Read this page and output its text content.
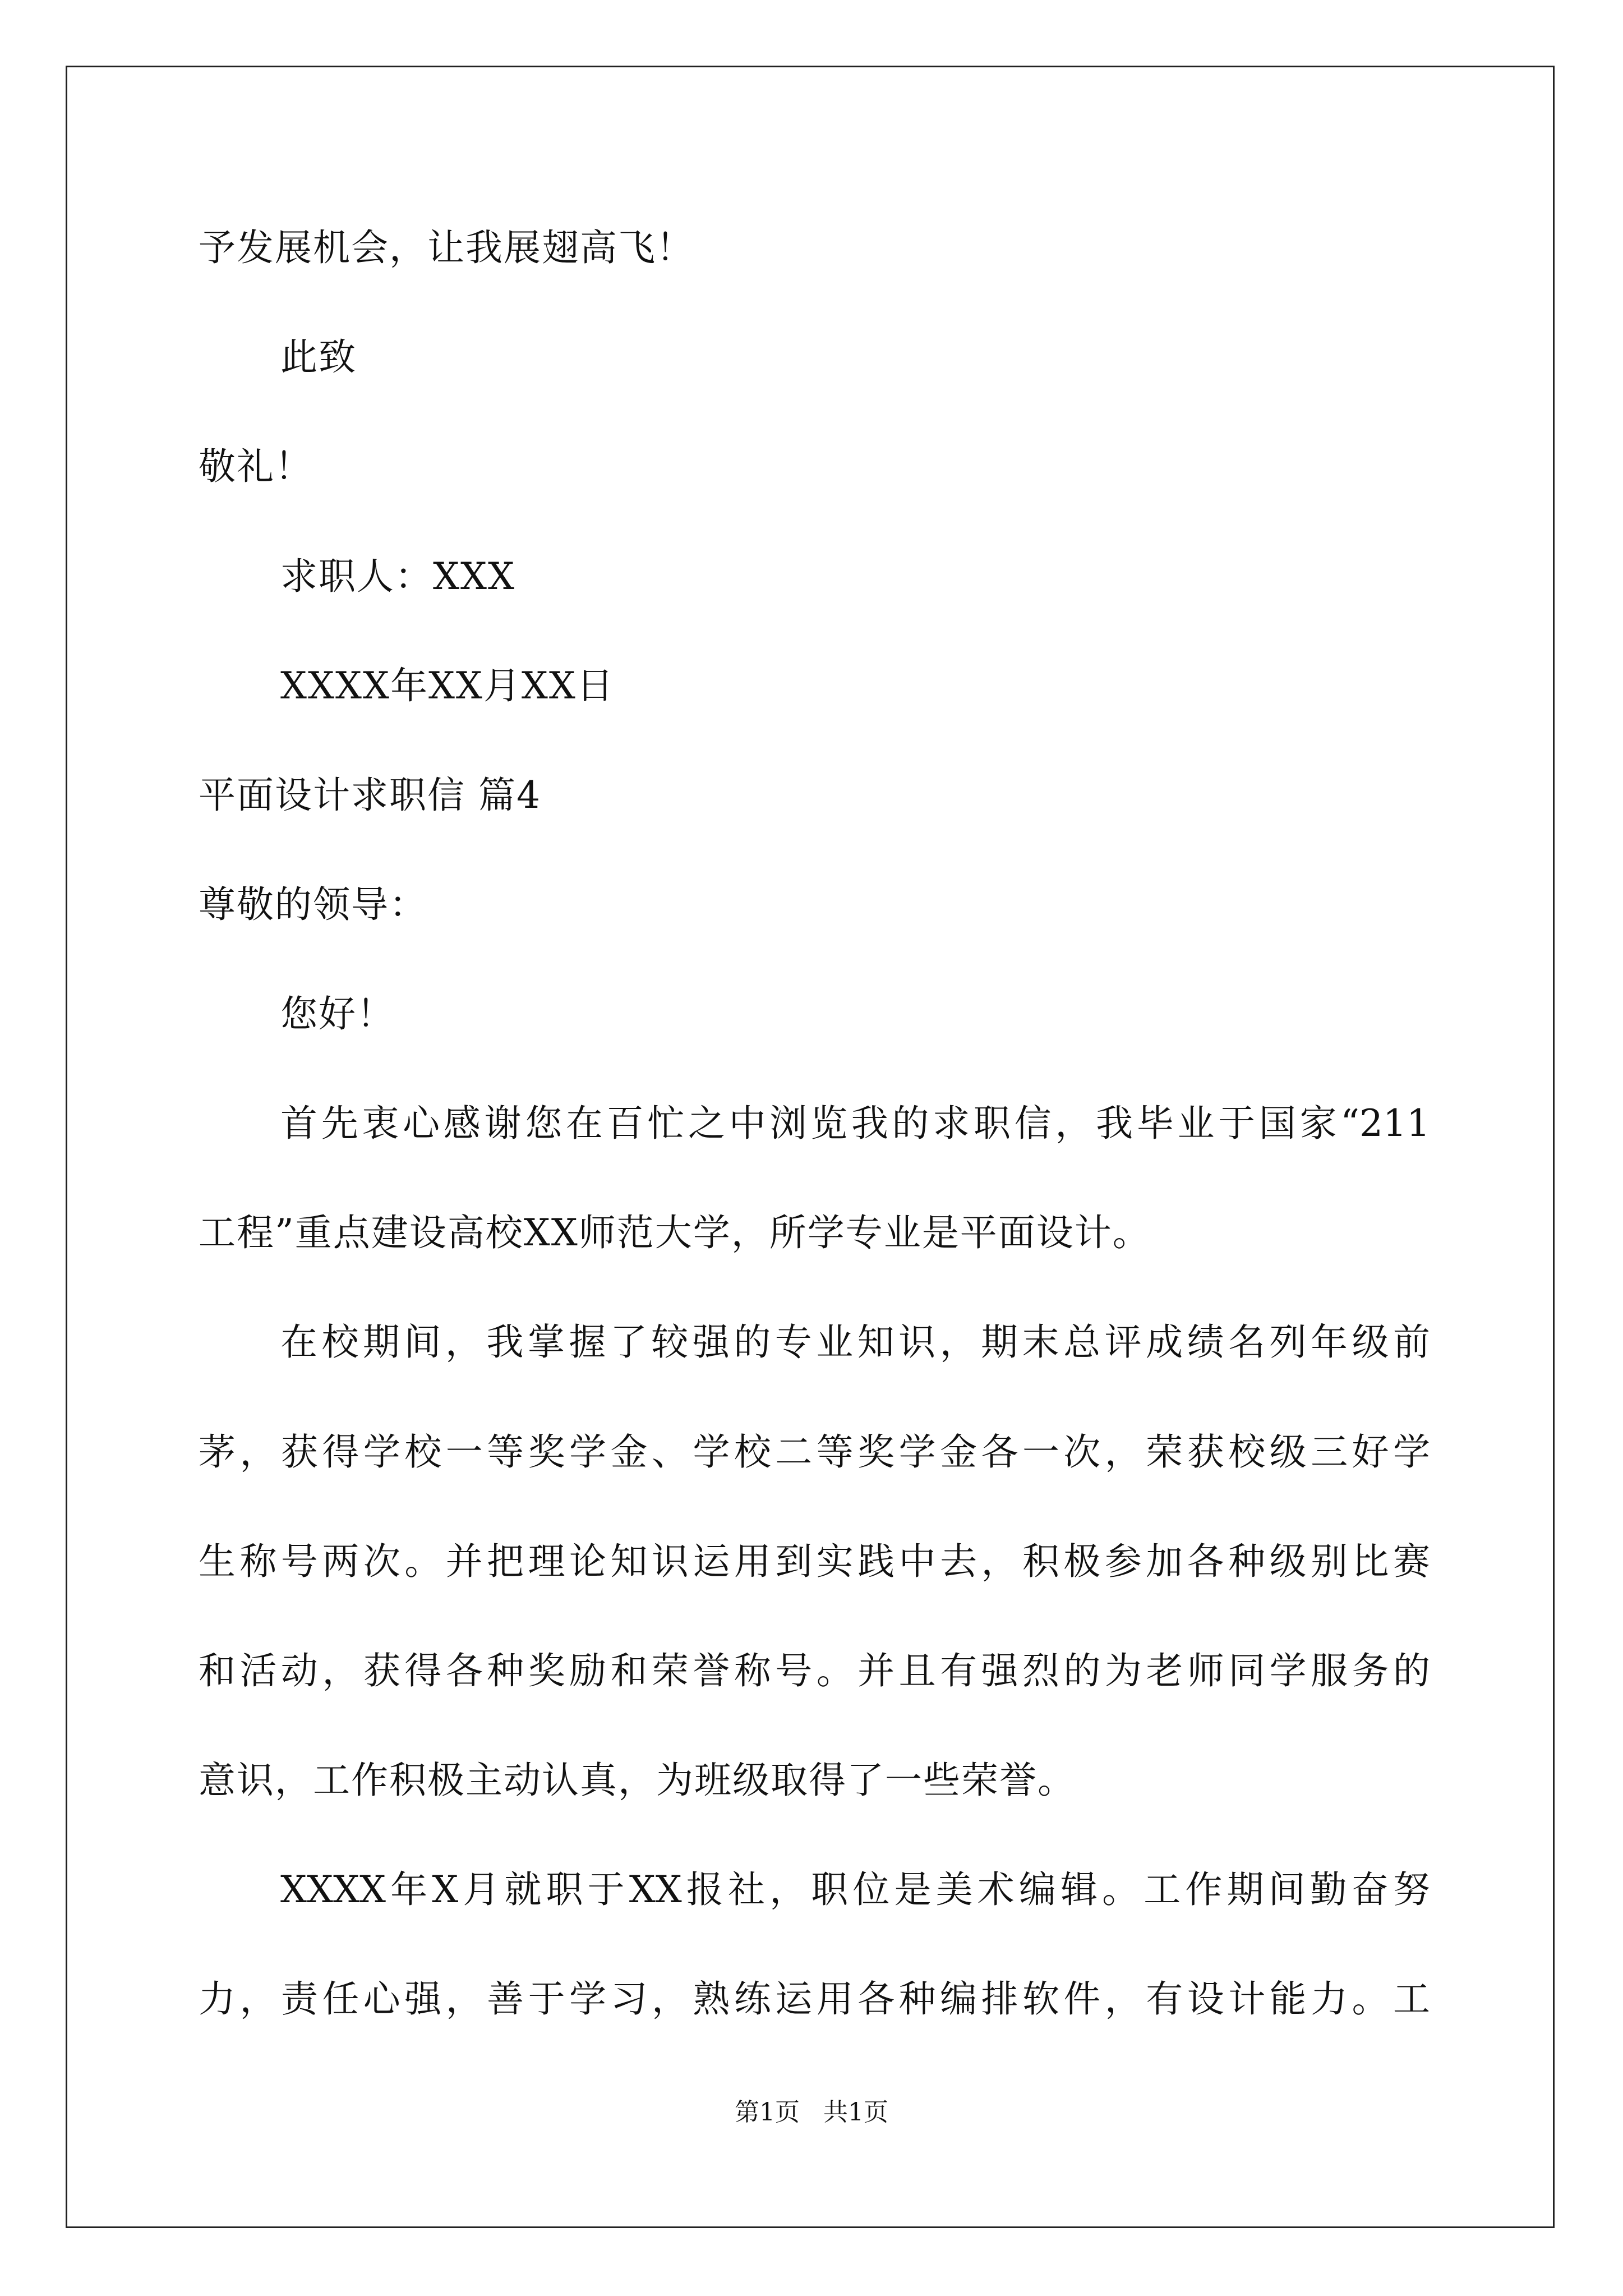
予发展机会，让我展翅高飞！
此致
敬礼！
求职人：XXX
XXXX年XX月XX日
平面设计求职信 篇4
尊敬的领导：
您好！
首先衷心感谢您在百忙之中浏览我的求职信，我毕业于国家“211
工程”重点建设高校XX师范大学，所学专业是平面设计。
在校期间，我掌握了较强的专业知识，期末总评成绩名列年级前
茅，获得学校一等奖学金、学校二等奖学金各一次，荣获校级三好学
生称号两次。并把理论知识运用到实践中去，积极参加各种级别比赛
和活动，获得各种奖励和荣誉称号。并且有强烈的为老师同学服务的
意识，工作积极主动认真，为班级取得了一些荣誉。
XXXX年X月就职于XX报社，职位是美术编辑。工作期间勤奋努
力，责任心强，善于学习，熟练运用各种编排软件，有设计能力。工
第1页   共1页
